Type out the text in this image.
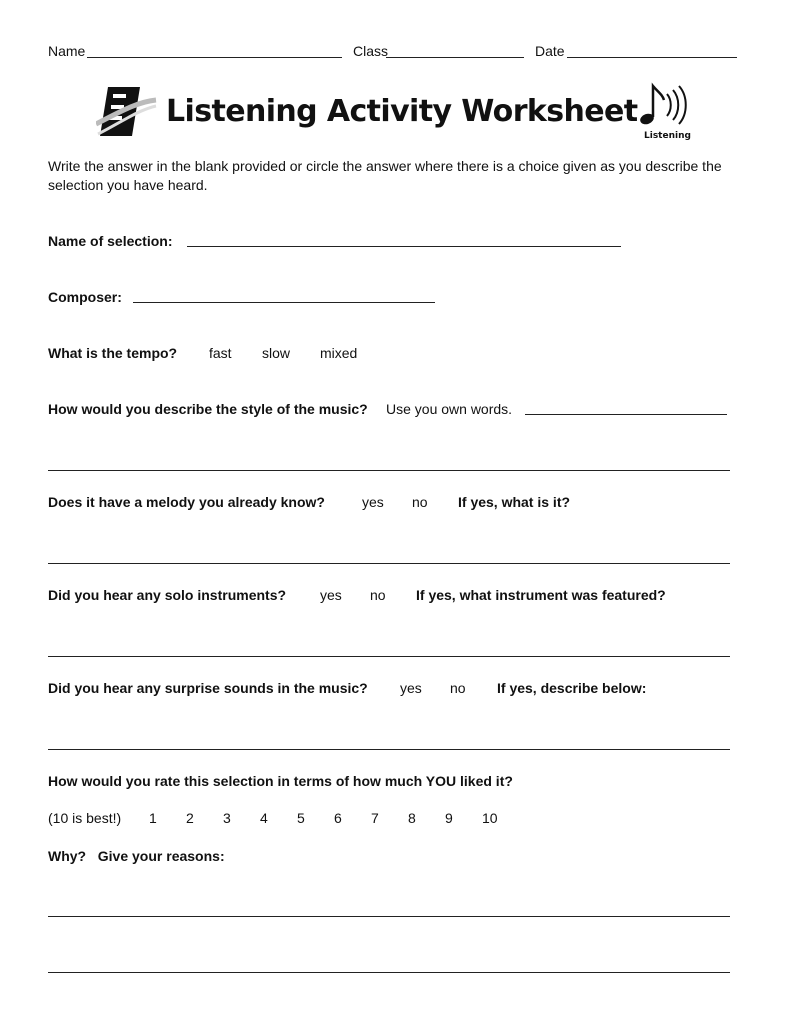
Name	Class	Date
Listening Activity Worksheet
Listening
Write the answer in the blank provided or circle the answer where there is a choice given as you describe the selection you have heard.
Name of selection:
Composer:
What is the tempo? fast slow mixed
How would you describe the style of the music? Use you own words.
Does it have a melody you already know?	yes no If yes, what is it?
Did you hear any solo instruments? yes no If yes, what instrument was featured?
Did you hear any surprise sounds in the music? yes no If yes, describe below:
How would you rate this selection in terms of how much YOU liked it?
(10 is best!) 1 2 3 4 5 6 7 8 9 10
Why?   Give your reasons:
